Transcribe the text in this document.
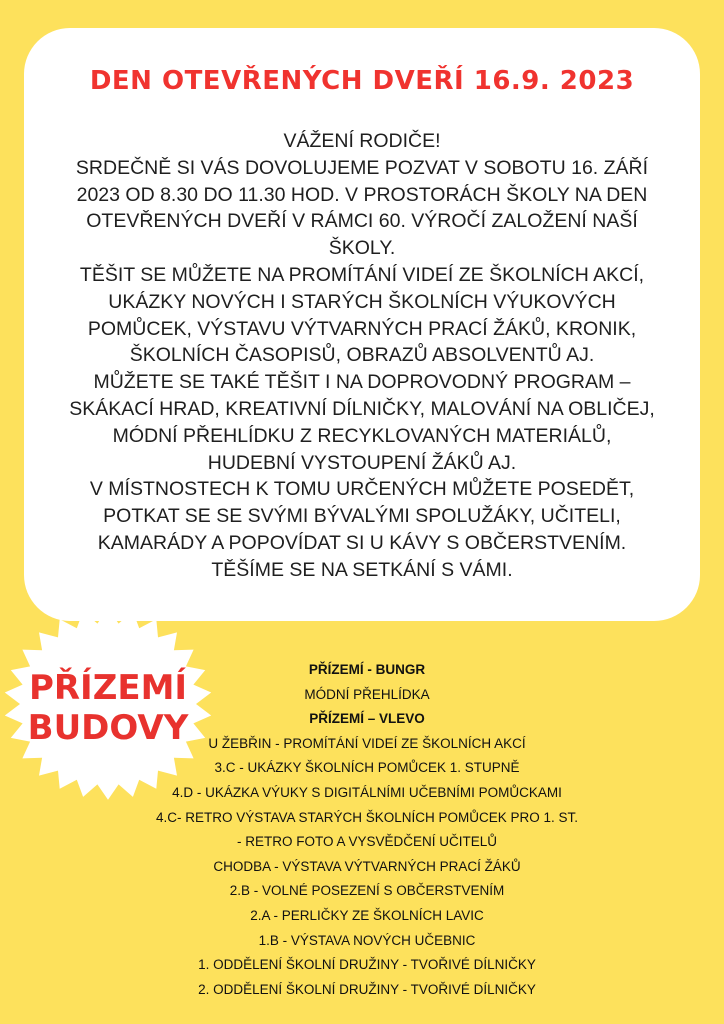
DEN OTEVŘENÝCH DVEŘÍ 16.9. 2023
VÁŽENÍ RODIČE!
SRDEČNĚ SI VÁS DOVOLUJEME POZVAT V SOBOTU 16. ZÁŘÍ
2023 OD 8.30 DO 11.30 HOD. V PROSTORÁCH ŠKOLY NA DEN
OTEVŘENÝCH DVEŘÍ V RÁMCI 60. VÝROČÍ ZALOŽENÍ NAŠÍ
ŠKOLY.
TĚŠIT SE MŮŽETE NA PROMÍTÁNÍ VIDEÍ ZE ŠKOLNÍCH AKCÍ,
UKÁZKY NOVÝCH I STARÝCH ŠKOLNÍCH VÝUKOVÝCH
POMŮCEK, VÝSTAVU VÝTVARNÝCH PRACÍ ŽÁKŮ, KRONIK,
ŠKOLNÍCH ČASOPISŮ, OBRAZŮ ABSOLVENTŮ AJ.
MŮŽETE SE TAKÉ TĚŠIT I NA DOPROVODNÝ PROGRAM –
SKÁKACÍ HRAD, KREATIVNÍ DÍLNIČKY, MALOVÁNÍ NA OBLIČEJ,
MÓDNÍ PŘEHLÍDKU Z RECYKLOVANÝCH MATERIÁLŮ,
HUDEBNÍ VYSTOUPENÍ ŽÁKŮ AJ.
V MÍSTNOSTECH K TOMU URČENÝCH MŮŽETE POSEDĚT,
POTKAT SE SE SVÝMI BÝVALÝMI SPOLUŽÁKY, UČITELI,
KAMARÁDY A POPOVÍDAT SI U KÁVY S OBČERSTVENÍM.
TĚŠÍME SE NA SETKÁNÍ S VÁMI.
PŘÍZEMÍ
BUDOVY
PŘÍZEMÍ - BUNGR
MÓDNÍ PŘEHLÍDKA
PŘÍZEMÍ – VLEVO
U ŽEBŘIN - PROMÍTÁNÍ VIDEÍ ZE ŠKOLNÍCH AKCÍ
3.C - UKÁZKY ŠKOLNÍCH POMŮCEK 1. STUPNĚ
4.D - UKÁZKA VÝUKY S DIGITÁLNÍMI UČEBNÍMI POMŮCKAMI
4.C- RETRO VÝSTAVA STARÝCH ŠKOLNÍCH POMŮCEK PRO 1. ST.
- RETRO FOTO A VYSVĚDČENÍ UČITELŮ
CHODBA - VÝSTAVA VÝTVARNÝCH PRACÍ ŽÁKŮ
2.B - VOLNÉ POSEZENÍ S OBČERSTVENÍM
2.A - PERLIČKY ZE ŠKOLNÍCH LAVIC
1.B - VÝSTAVA NOVÝCH UČEBNIC
1. ODDĚLENÍ ŠKOLNÍ DRUŽINY - TVOŘIVÉ DÍLNIČKY
2. ODDĚLENÍ ŠKOLNÍ DRUŽINY - TVOŘIVÉ DÍLNIČKY
